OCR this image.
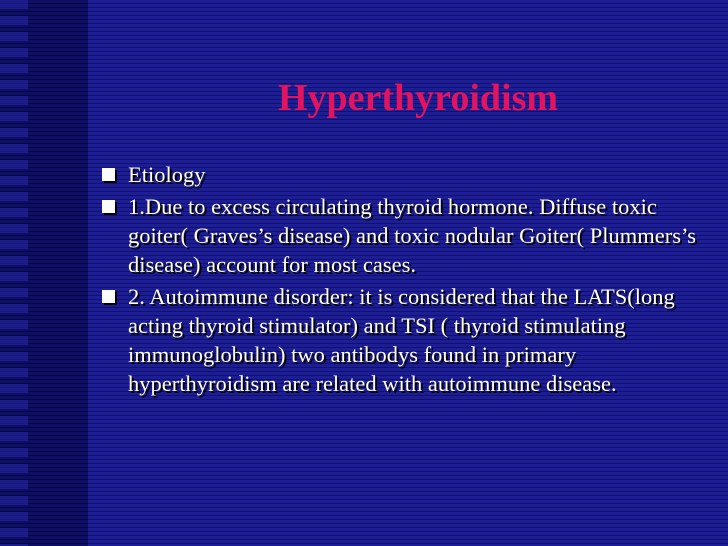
Hyperthyroidism
Etiology
1.Due to excess circulating thyroid hormone. Diffuse toxic goiter( Graves’s disease) and toxic nodular Goiter( Plummers’s disease) account for most cases.
2. Autoimmune disorder: it is considered that the LATS(long acting thyroid stimulator) and TSI ( thyroid stimulating immunoglobulin) two antibodys found in primary hyperthyroidism are related with autoimmune disease.
